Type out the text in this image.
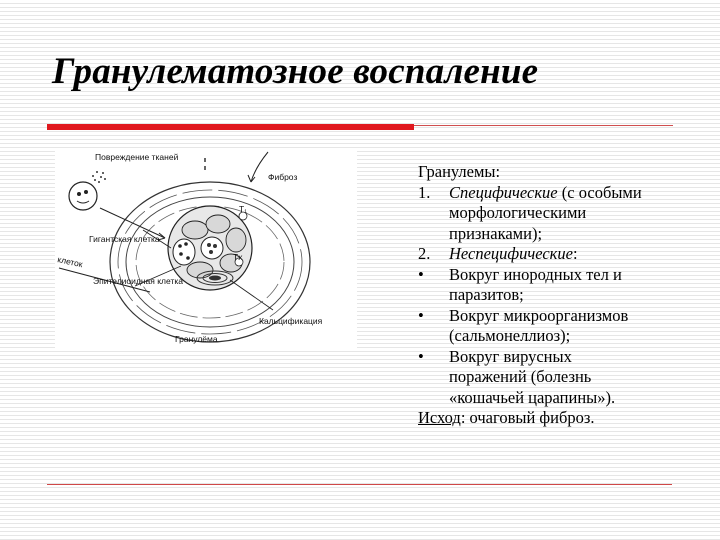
Гранулематозное воспаление
Повреждение тканей
Фиброз
Гигантская клетка
клеток
Эпителиоидная клетка
Гранулёма
Кальцификация
T₁
Tx
Гранулемы:
1. Специфические (с особыми
морфологическими
признаками);
2. Неспецифические:
• Вокруг инородных тел и
паразитов;
• Вокруг микроорганизмов
(сальмонеллиоз);
• Вокруг вирусных
поражений (болезнь
«кошачьей царапины»).
Исход: очаговый фиброз.
